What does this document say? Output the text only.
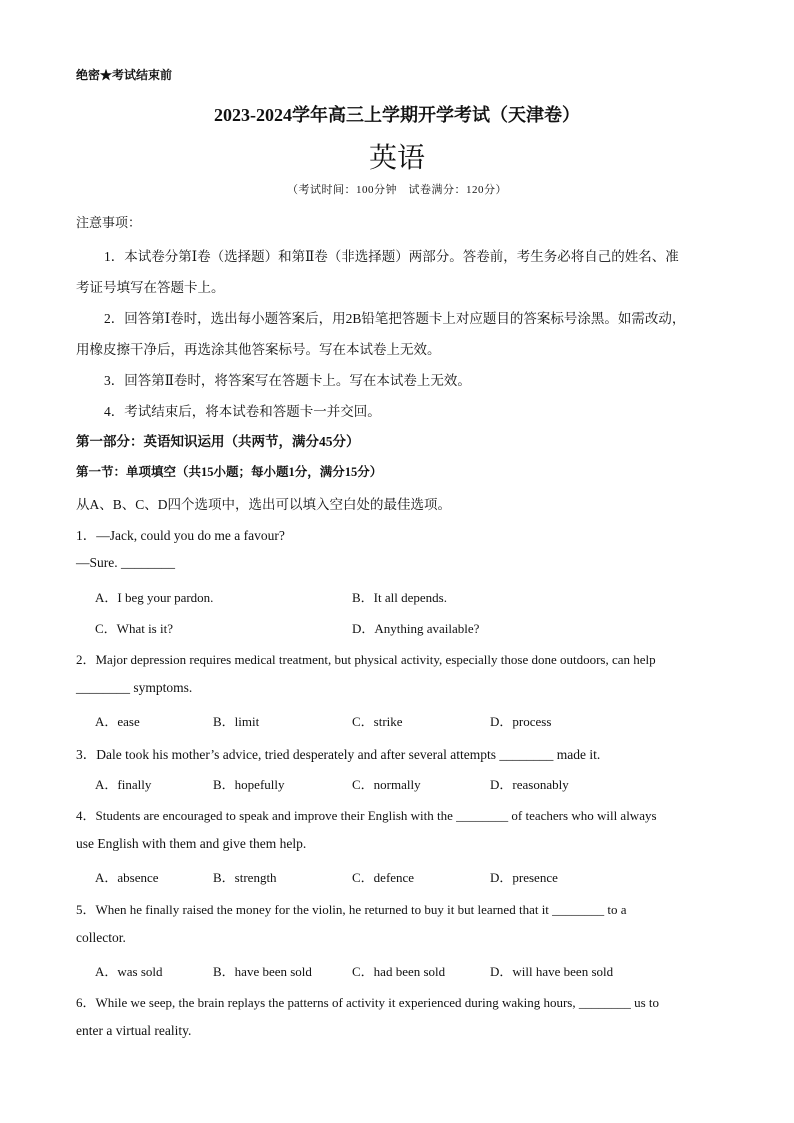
绝密★考试结束前
2023-2024学年高三上学期开学考试（天津卷）
英语
（考试时间：100分钟　试卷满分：120分）
注意事项：
1．本试卷分第Ⅰ卷（选择题）和第Ⅱ卷（非选择题）两部分。答卷前，考生务必将自己的姓名、准
考证号填写在答题卡上。
2．回答第Ⅰ卷时，选出每小题答案后，用2B铅笔把答题卡上对应题目的答案标号涂黑。如需改动，
用橡皮擦干净后，再选涂其他答案标号。写在本试卷上无效。
3．回答第Ⅱ卷时，将答案写在答题卡上。写在本试卷上无效。
4．考试结束后，将本试卷和答题卡一并交回。
第一部分：英语知识运用（共两节，满分45分）
第一节：单项填空（共15小题；每小题1分，满分15分）
从A、B、C、D四个选项中，选出可以填入空白处的最佳选项。
1．—Jack, could you do me a favour?
—Sure. ________
A．I beg your pardon.	B．It all depends.
C．What is it?	D．Anything available?
2．Major depression requires medical treatment, but physical activity, especially those done outdoors, can help
________ symptoms.
A．ease	B．limit	C．strike	D．process
3．Dale took his mother’s advice, tried desperately and after several attempts ________ made it.
A．finally	B．hopefully	C．normally	D．reasonably
4．Students are encouraged to speak and improve their English with the ________ of teachers who will always
use English with them and give them help.
A．absence	B．strength	C．defence	D．presence
5．When he finally raised the money for the violin, he returned to buy it but learned that it ________ to a
collector.
A．was sold	B．have been sold	C．had been sold	D．will have been sold
6．While we seep, the brain replays the patterns of activity it experienced during waking hours, ________ us to
enter a virtual reality.
